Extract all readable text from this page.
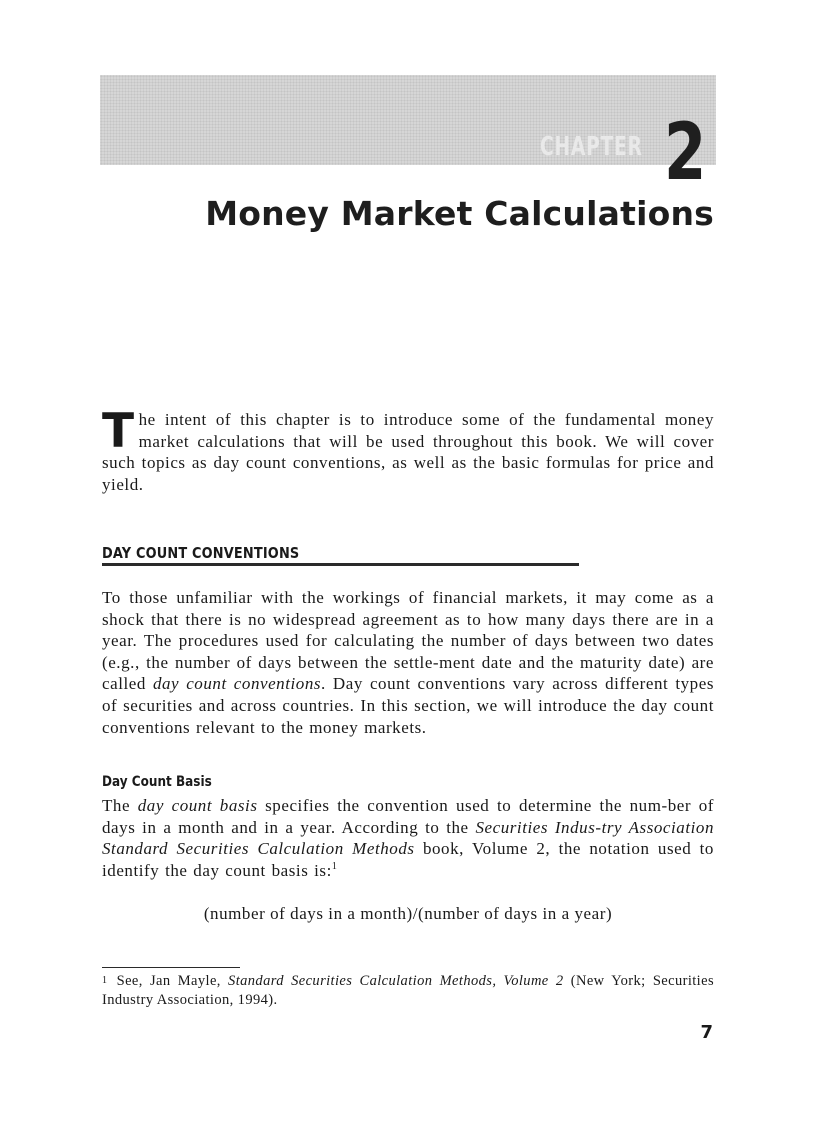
CHAPTER 2
Money Market Calculations
The intent of this chapter is to introduce some of the fundamental money market calculations that will be used throughout this book. We will cover such topics as day count conventions, as well as the basic formulas for price and yield.
DAY COUNT CONVENTIONS
To those unfamiliar with the workings of financial markets, it may come as a shock that there is no widespread agreement as to how many days there are in a year. The procedures used for calculating the number of days between two dates (e.g., the number of days between the settle-ment date and the maturity date) are called day count conventions. Day count conventions vary across different types of securities and across countries. In this section, we will introduce the day count conventions relevant to the money markets.
Day Count Basis
The day count basis specifies the convention used to determine the num-ber of days in a month and in a year. According to the Securities Indus-try Association Standard Securities Calculation Methods book, Volume 2, the notation used to identify the day count basis is:$^1$
(number of days in a month)/(number of days in a year)
$^1$ See, Jan Mayle, Standard Securities Calculation Methods, Volume 2 (New York; Securities Industry Association, 1994).
7
